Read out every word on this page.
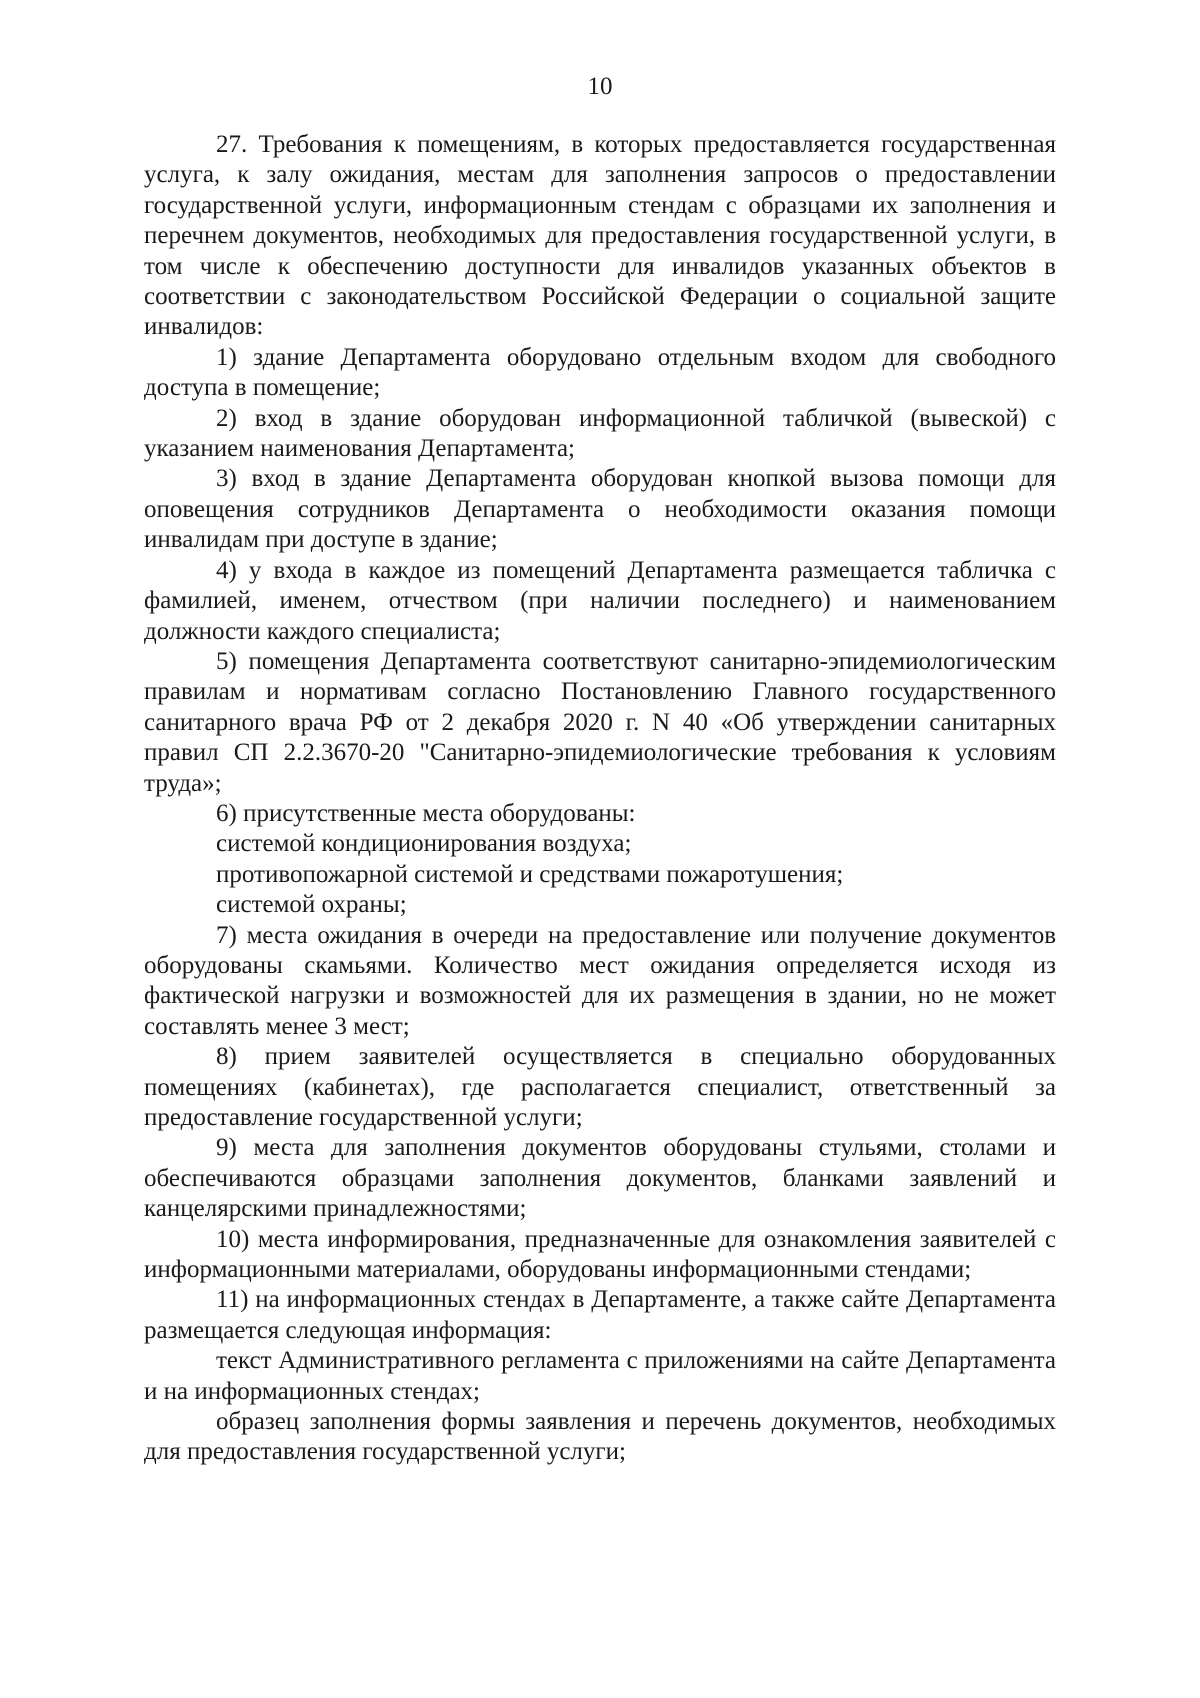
10

27. Требования к помещениям, в которых предоставляется государственная услуга, к залу ожидания, местам для заполнения запросов о предоставлении государственной услуги, информационным стендам с образцами их заполнения и перечнем документов, необходимых для предоставления государственной услуги, в том числе к обеспечению доступности для инвалидов указанных объектов в соответствии с законодательством Российской Федерации о социальной защите инвалидов:

1) здание Департамента оборудовано отдельным входом для свободного доступа в помещение;

2) вход в здание оборудован информационной табличкой (вывеской) с указанием наименования Департамента;

3) вход в здание Департамента оборудован кнопкой вызова помощи для оповещения сотрудников Департамента о необходимости оказания помощи инвалидам при доступе в здание;

4) у входа в каждое из помещений Департамента размещается табличка с фамилией, именем, отчеством (при наличии последнего) и наименованием должности каждого специалиста;

5) помещения Департамента соответствуют санитарно-эпидемиологическим правилам и нормативам согласно Постановлению Главного государственного санитарного врача РФ от 2 декабря 2020 г. N 40 «Об утверждении санитарных правил СП 2.2.3670-20 "Санитарно-эпидемиологические требования к условиям труда»;

6) присутственные места оборудованы:

системой кондиционирования воздуха;

противопожарной системой и средствами пожаротушения;

системой охраны;

7) места ожидания в очереди на предоставление или получение документов оборудованы скамьями. Количество мест ожидания определяется исходя из фактической нагрузки и возможностей для их размещения в здании, но не может составлять менее 3 мест;

8) прием заявителей осуществляется в специально оборудованных помещениях (кабинетах), где располагается специалист, ответственный за предоставление государственной услуги;

9) места для заполнения документов оборудованы стульями, столами и обеспечиваются образцами заполнения документов, бланками заявлений и канцелярскими принадлежностями;

10) места информирования, предназначенные для ознакомления заявителей с информационными материалами, оборудованы информационными стендами;

11) на информационных стендах в Департаменте, а также сайте Департамента размещается следующая информация:

текст Административного регламента с приложениями на сайте Департамента и на информационных стендах;

образец заполнения формы заявления и перечень документов, необходимых для предоставления государственной услуги;
